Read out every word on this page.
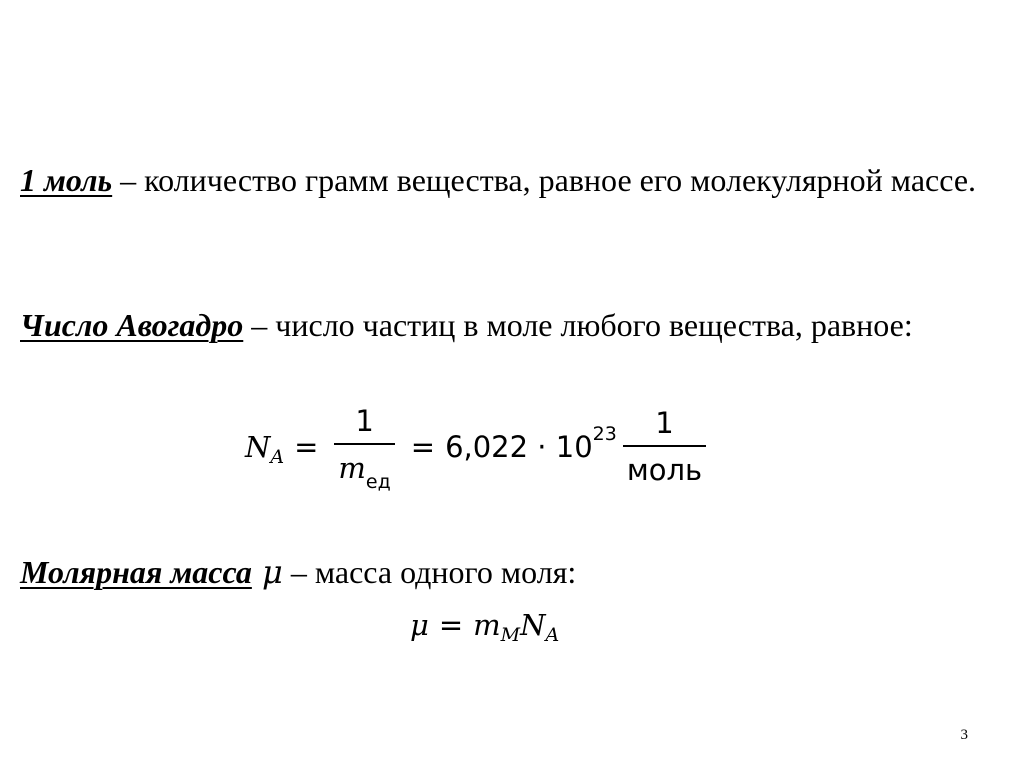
1 моль – количество грамм вещества, равное его молекулярной массе.

Число Авогадро – число частиц в моле любого вещества, равное:

N $A = \frac{1}{m_{ед}} = 6,022 \cdot 10$ $23 \frac{1}{\text{моль}}$

Молярная масса μ – масса одного моля:

μ = m M N A
3
